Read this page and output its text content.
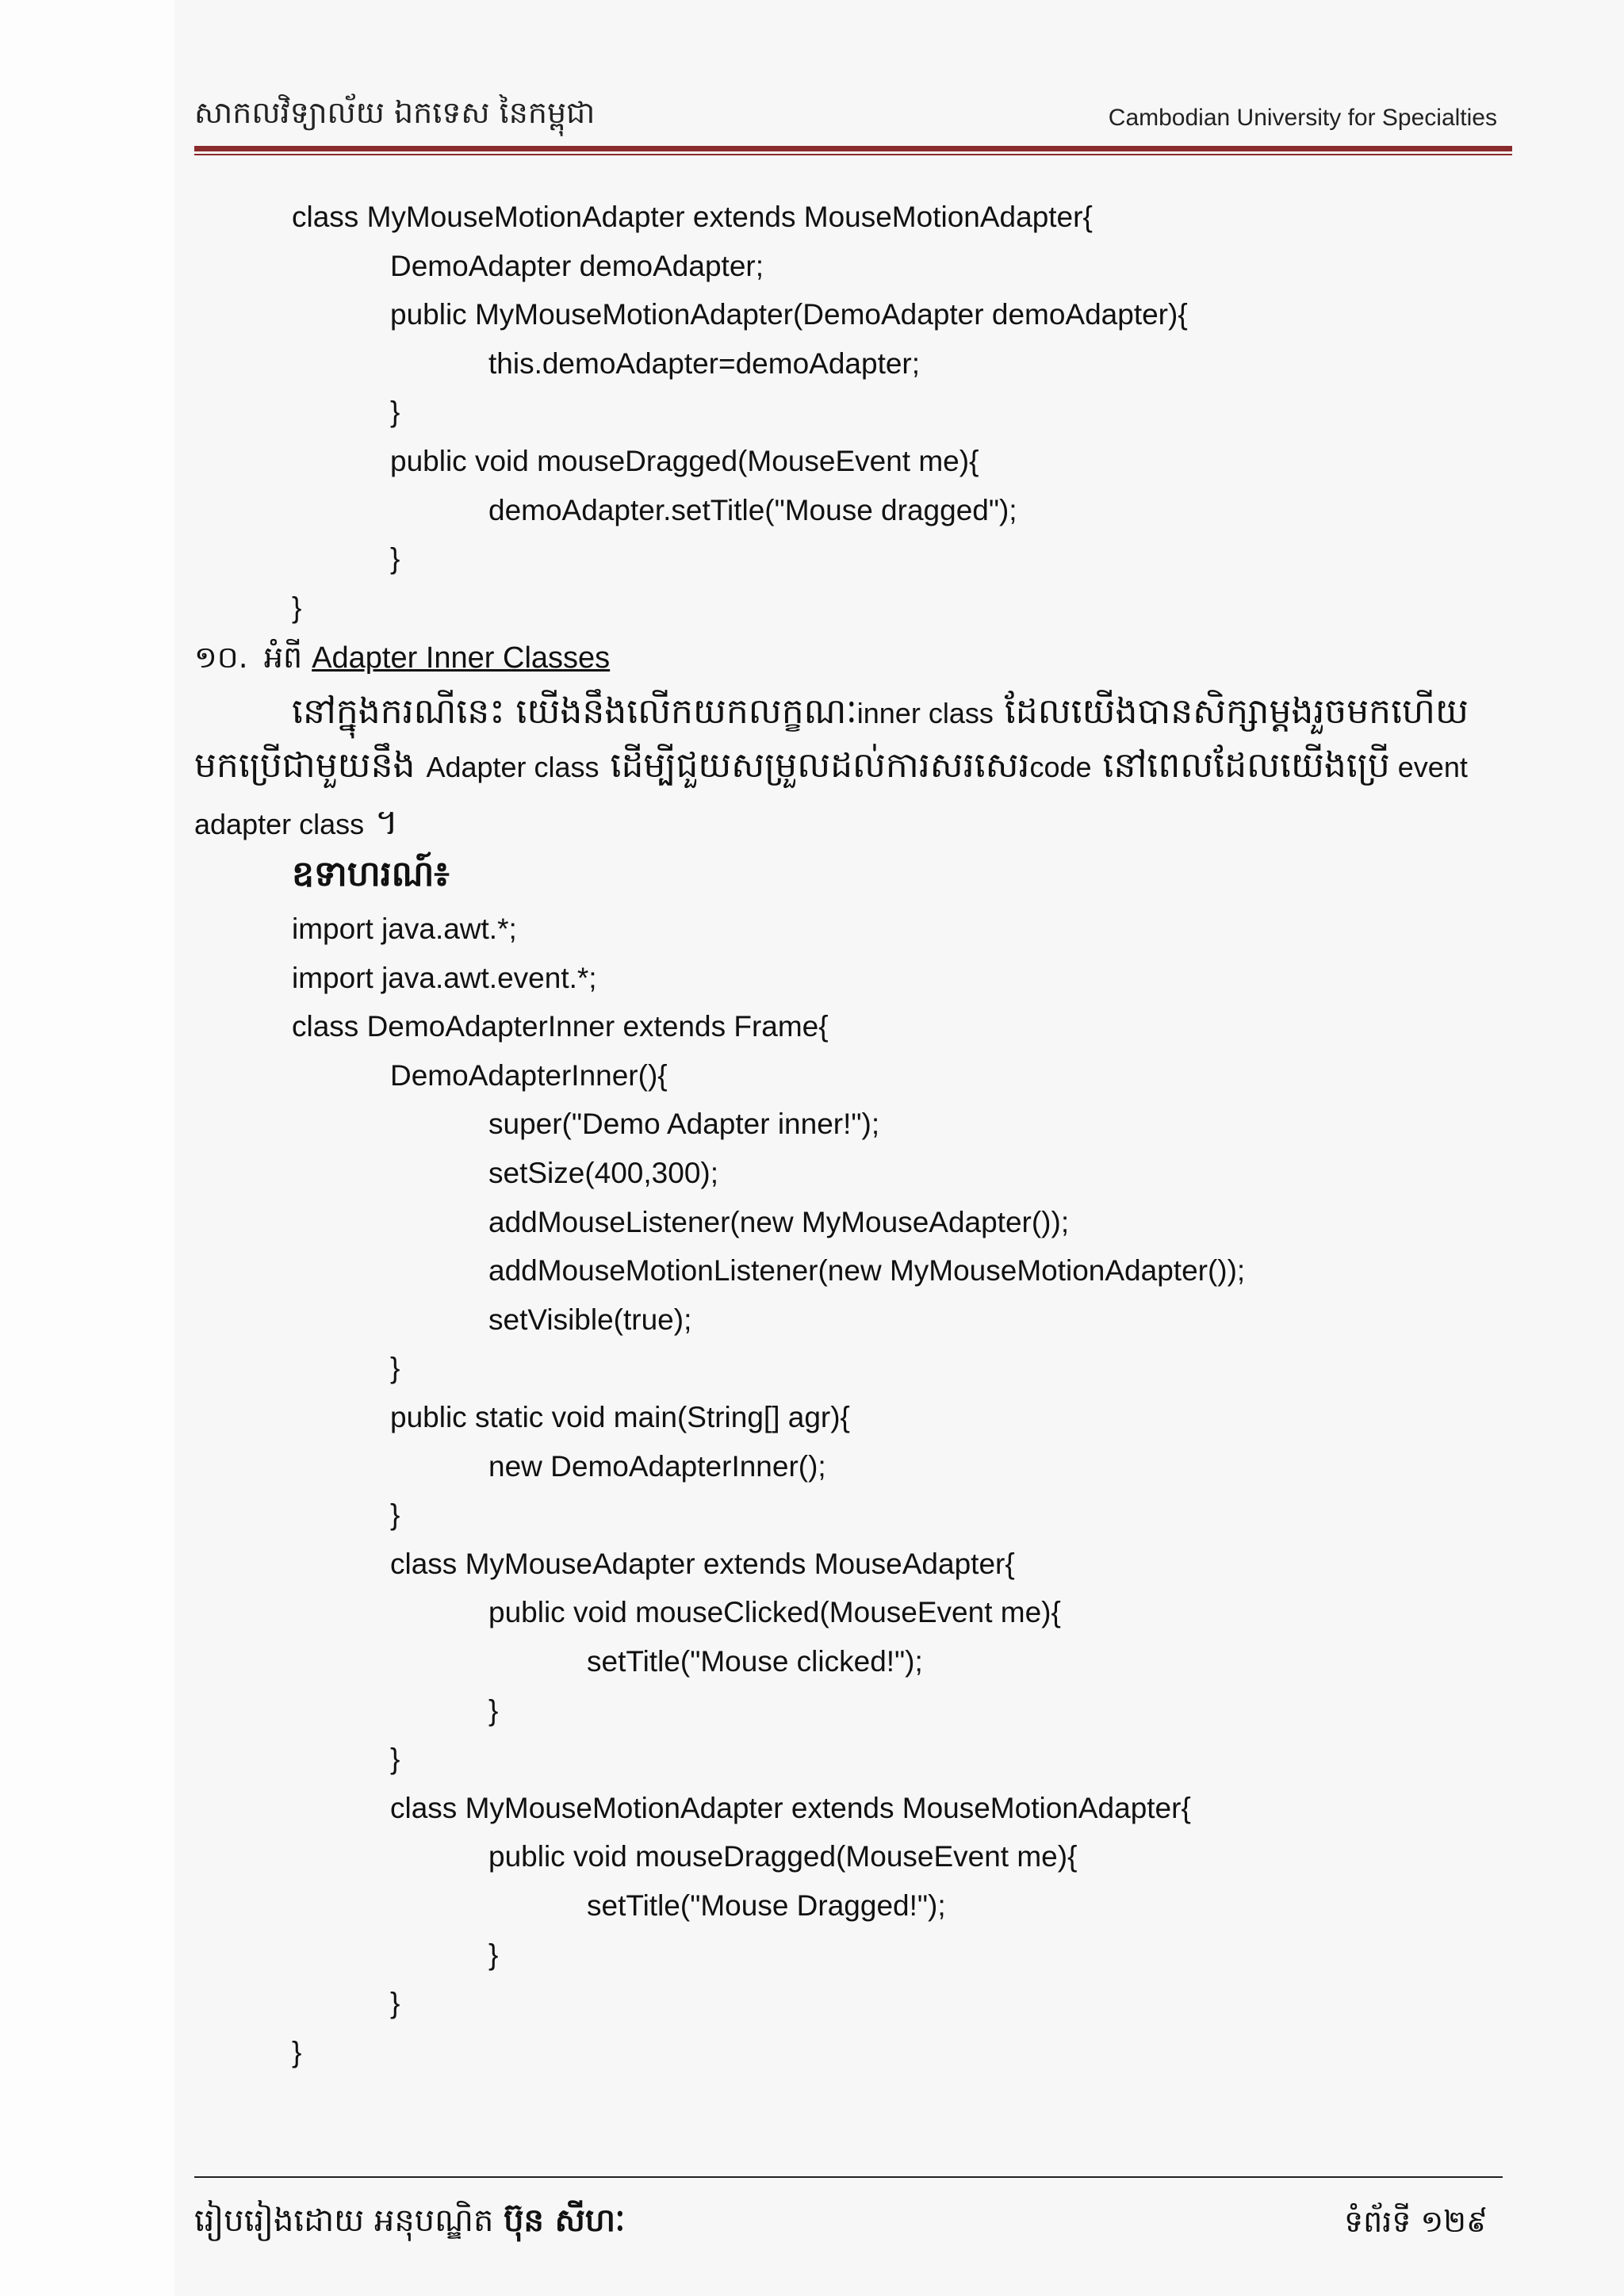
សាកលវិទ្យាល័យ ឯកទេស នៃកម្ពុជា	Cambodian University for Specialties
class MyMouseMotionAdapter extends MouseMotionAdapter{
DemoAdapter demoAdapter;
public MyMouseMotionAdapter(DemoAdapter demoAdapter){
this.demoAdapter=demoAdapter;
}
public void mouseDragged(MouseEvent me){
demoAdapter.setTitle("Mouse dragged");
}
}
១០. អំពី Adapter Inner Classes
នៅក្នុងករណីនេះ យើងនឹងលើកយកលក្ខណៈinner class ដែលយើងបានសិក្សាម្តងរួចមកហើយ
មកប្រើជាមួយនឹង Adapter class ដើម្បីជួយសម្រួលដល់ការសរសេរcode នៅពេលដែលយើងប្រើ event
adapter class ។
ឧទាហរណ៍៖
import java.awt.*;
import java.awt.event.*;
class DemoAdapterInner extends Frame{
DemoAdapterInner(){
super("Demo Adapter inner!");
setSize(400,300);
addMouseListener(new MyMouseAdapter());
addMouseMotionListener(new MyMouseMotionAdapter());
setVisible(true);
}
public static void main(String[] agr){
new DemoAdapterInner();
}
class MyMouseAdapter extends MouseAdapter{
public void mouseClicked(MouseEvent me){
setTitle("Mouse clicked!");
}
}
class MyMouseMotionAdapter extends MouseMotionAdapter{
public void mouseDragged(MouseEvent me){
setTitle("Mouse Dragged!");
}
}
}
រៀបរៀងដោយ អនុបណ្ឌិត ប៊ុន សីហៈ	ទំព័រទី ១២៩
